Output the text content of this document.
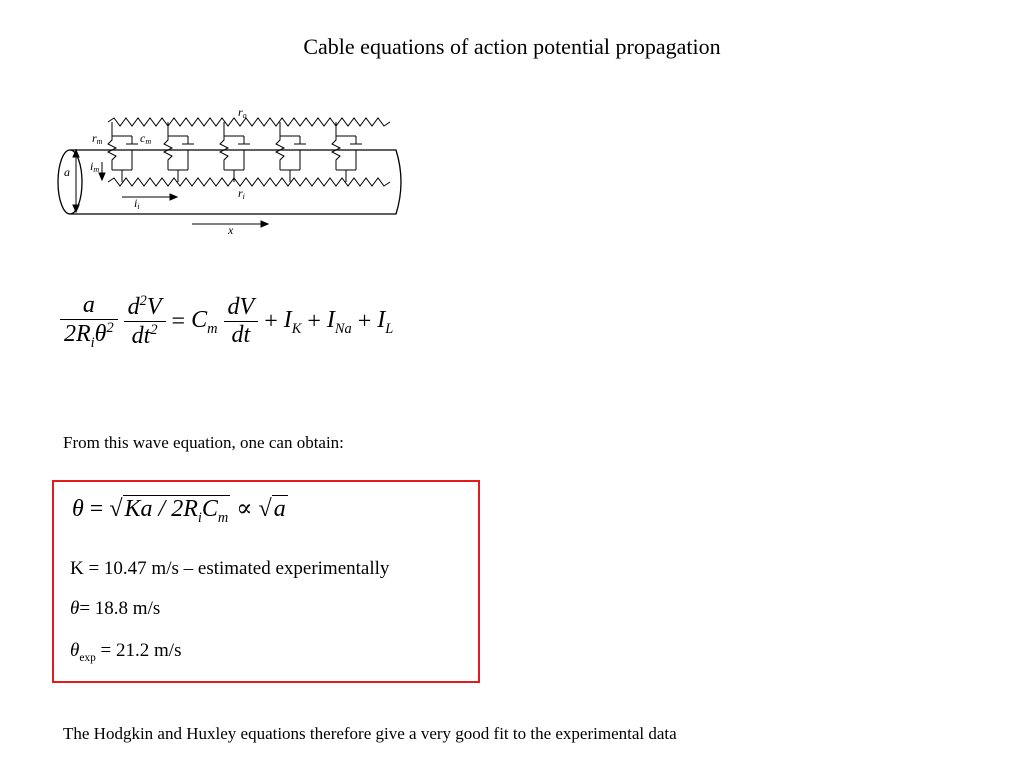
Cable equations of action potential propagation
ro
rm	cm
im
a
ri
ii
x
$\frac{a}{2R_i\theta^2}$
$\frac{d^2V}{dt^2} = C_m \frac{dV}{dt} + I_K + I_{Na} + I_L$
From this wave equation, one can obtain:
$\theta = √Ka / 2R_iC_m \propto √a$
K = 10.47 m/s – estimated experimentally
θ= 18.8 m/s
$\theta_{exp} = 21.2$ m/s
The Hodgkin and Huxley equations therefore give a very good fit to the experimental data
